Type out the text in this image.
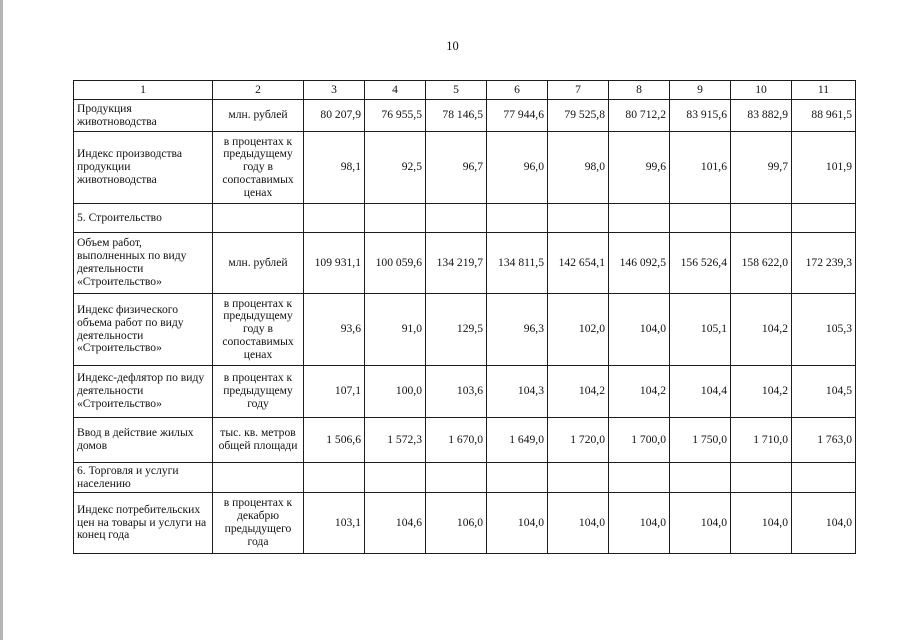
10
1	2	3	4	5	6	7	8	9	10	11
Продукция животноводства	млн. рублей	80 207,9	76 955,5	78 146,5	77 944,6	79 525,8	80 712,2	83 915,6	83 882,9	88 961,5
Индекс производства продукции животноводства	в процентах к предыдущему году в сопоставимых ценах	98,1	92,5	96,7	96,0	98,0	99,6	101,6	99,7	101,9
5. Строительство										
Объем работ, выполненных по виду деятельности «Строительство»	млн. рублей	109 931,1	100 059,6	134 219,7	134 811,5	142 654,1	146 092,5	156 526,4	158 622,0	172 239,3
Индекс физического объема работ по виду деятельности «Строительство»	в процентах к предыдущему году в сопоставимых ценах	93,6	91,0	129,5	96,3	102,0	104,0	105,1	104,2	105,3
Индекс-дефлятор по виду деятельности «Строительство»	в процентах к предыдущему году	107,1	100,0	103,6	104,3	104,2	104,2	104,4	104,2	104,5
Ввод в действие жилых домов	тыс. кв. метров общей площади	1 506,6	1 572,3	1 670,0	1 649,0	1 720,0	1 700,0	1 750,0	1 710,0	1 763,0
6. Торговля и услуги населению										
Индекс потребительских цен на товары и услуги на конец года	в процентах к декабрю предыдущего года	103,1	104,6	106,0	104,0	104,0	104,0	104,0	104,0	104,0
